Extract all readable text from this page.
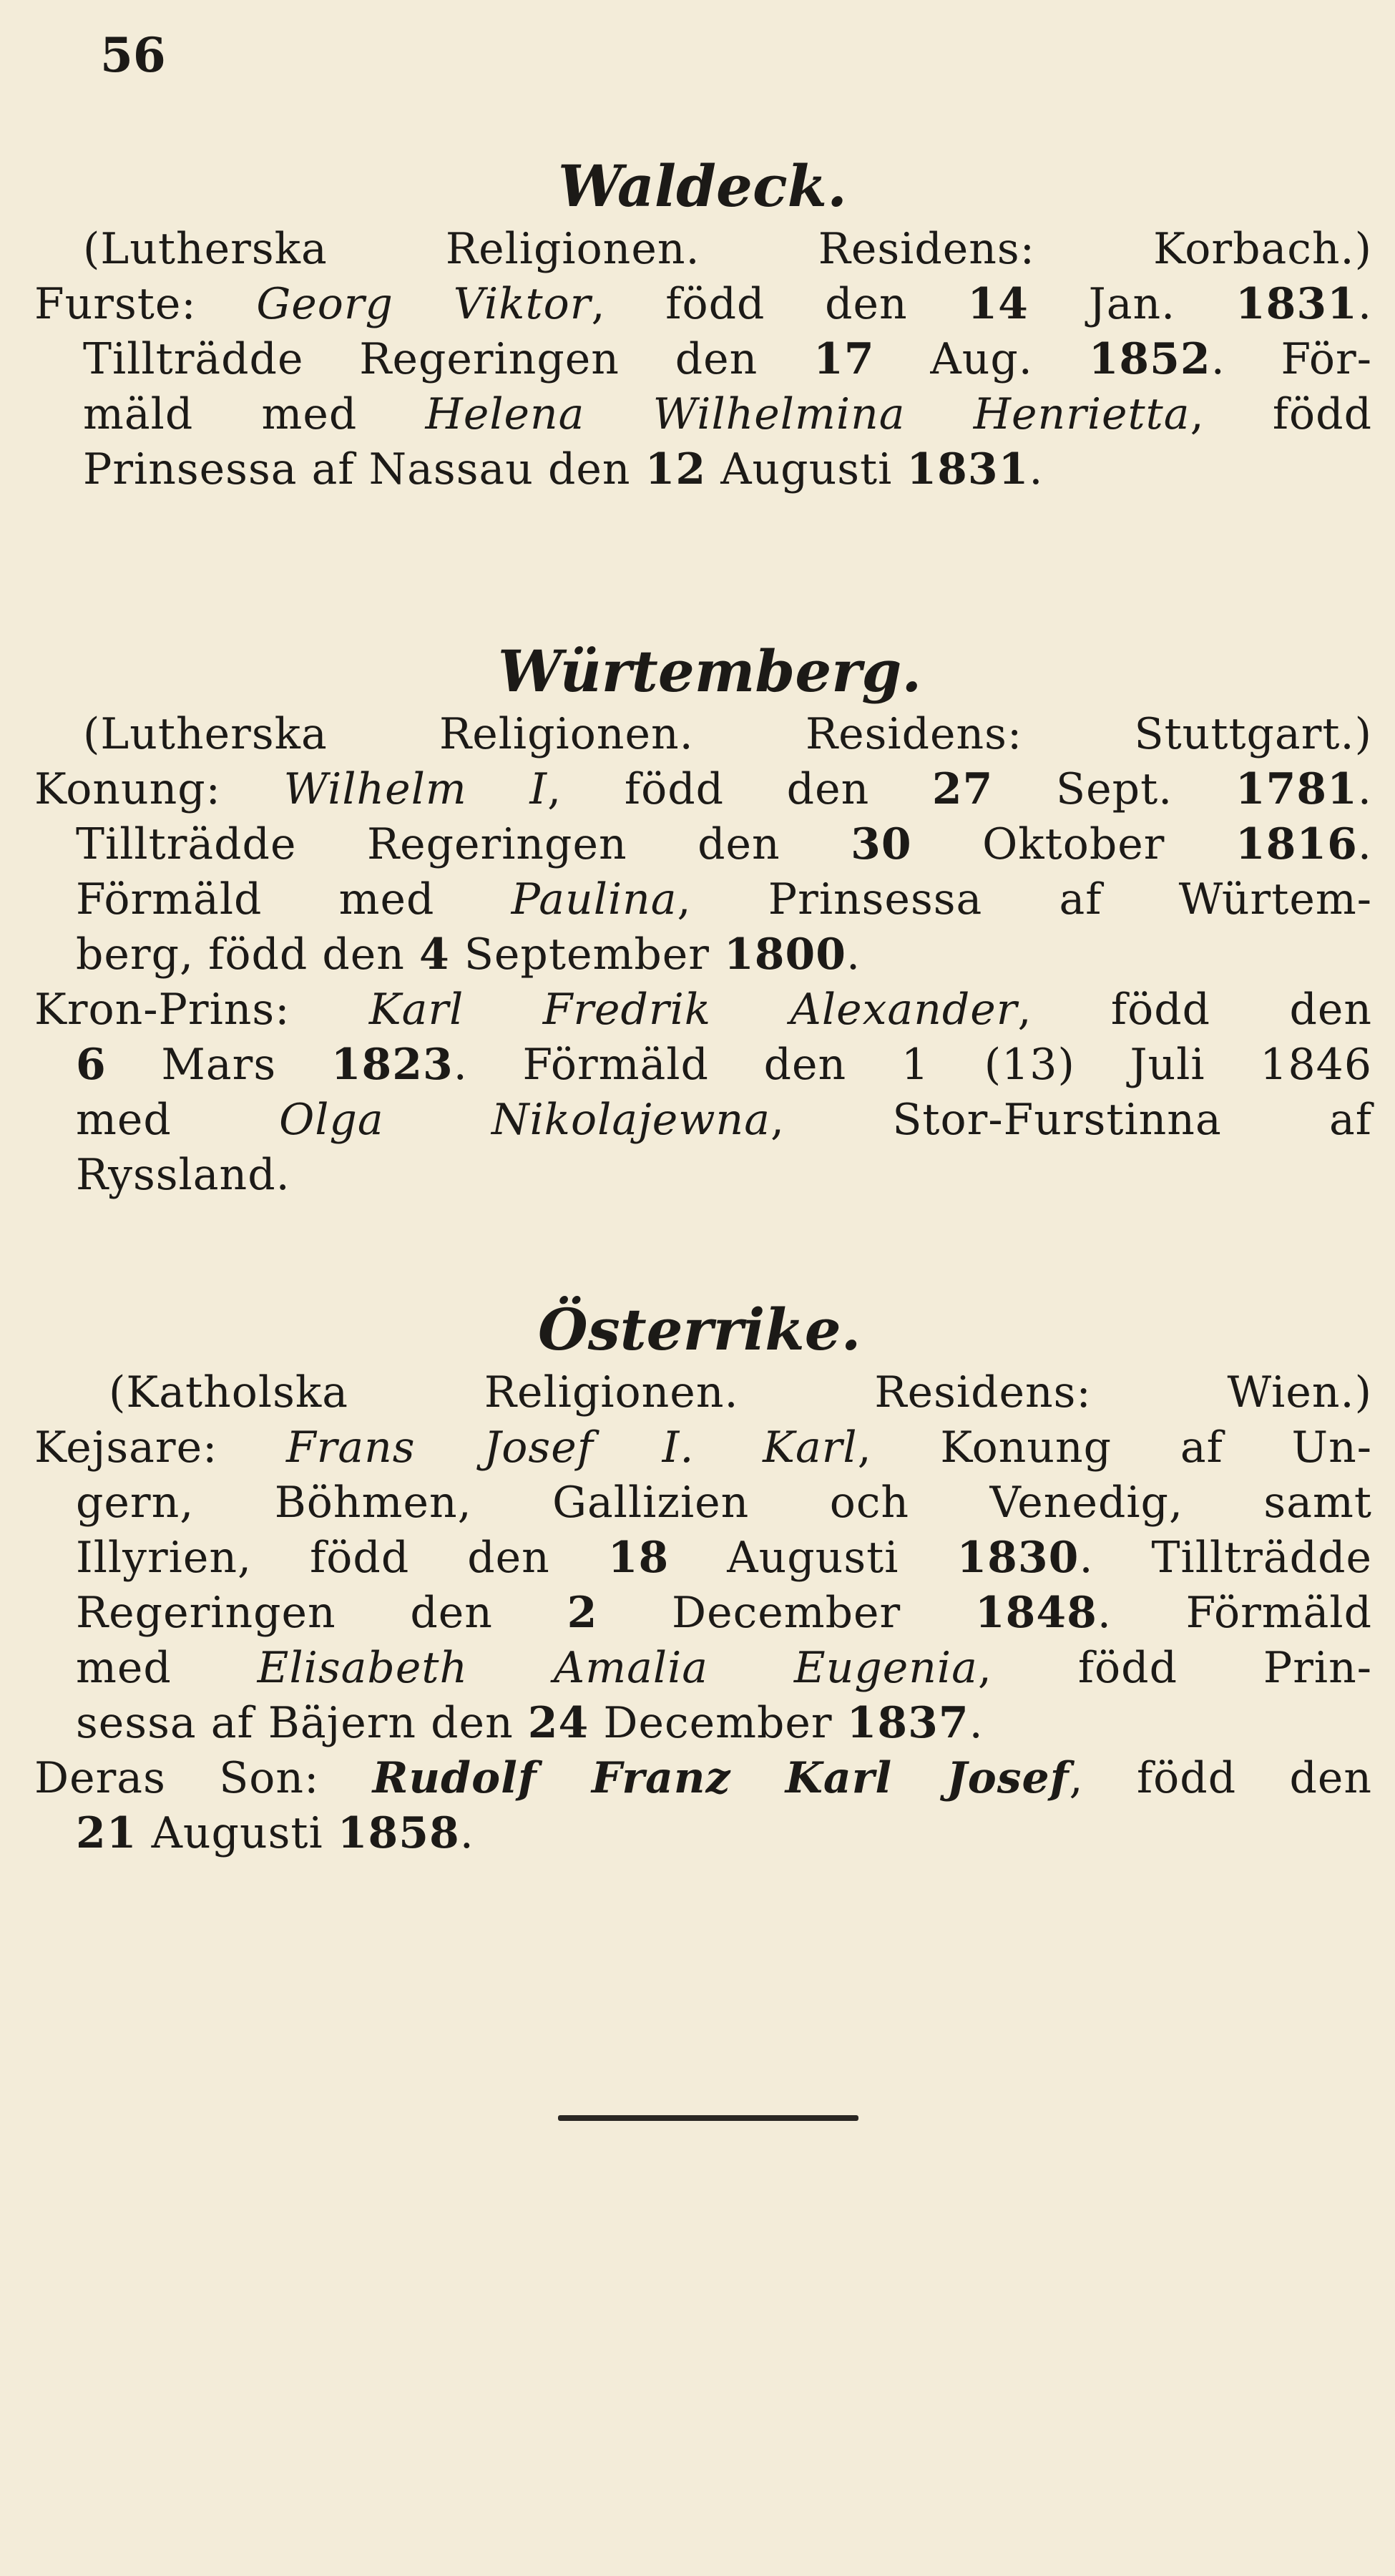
56
Waldeck.
(Lutherska Religionen. Residens: Korbach.)
Furste: Georg Viktor, född den 14 Jan. 1831.
Tillträdde Regeringen den 17 Aug. 1852. För-
mäld med Helena Wilhelmina Henrietta, född
Prinsessa af Nassau den 12 Augusti 1831.
Würtemberg.
(Lutherska Religionen. Residens: Stuttgart.)
Konung: Wilhelm I, född den 27 Sept. 1781.
Tillträdde Regeringen den 30 Oktober 1816.
Förmäld med Paulina, Prinsessa af Würtem-
berg, född den 4 September 1800.
Kron-Prins: Karl Fredrik Alexander, född den
6 Mars 1823. Förmäld den 1 (13) Juli 1846
med Olga Nikolajewna, Stor-Furstinna af
Ryssland.
Österrike.
(Katholska Religionen. Residens: Wien.)
Kejsare: Frans Josef I. Karl, Konung af Un-
gern, Böhmen, Gallizien och Venedig, samt
Illyrien, född den 18 Augusti 1830. Tillträdde
Regeringen den 2 December 1848. Förmäld
med Elisabeth Amalia Eugenia, född Prin-
sessa af Bäjern den 24 December 1837.
Deras Son: Rudolf Franz Karl Josef, född den
21 Augusti 1858.
